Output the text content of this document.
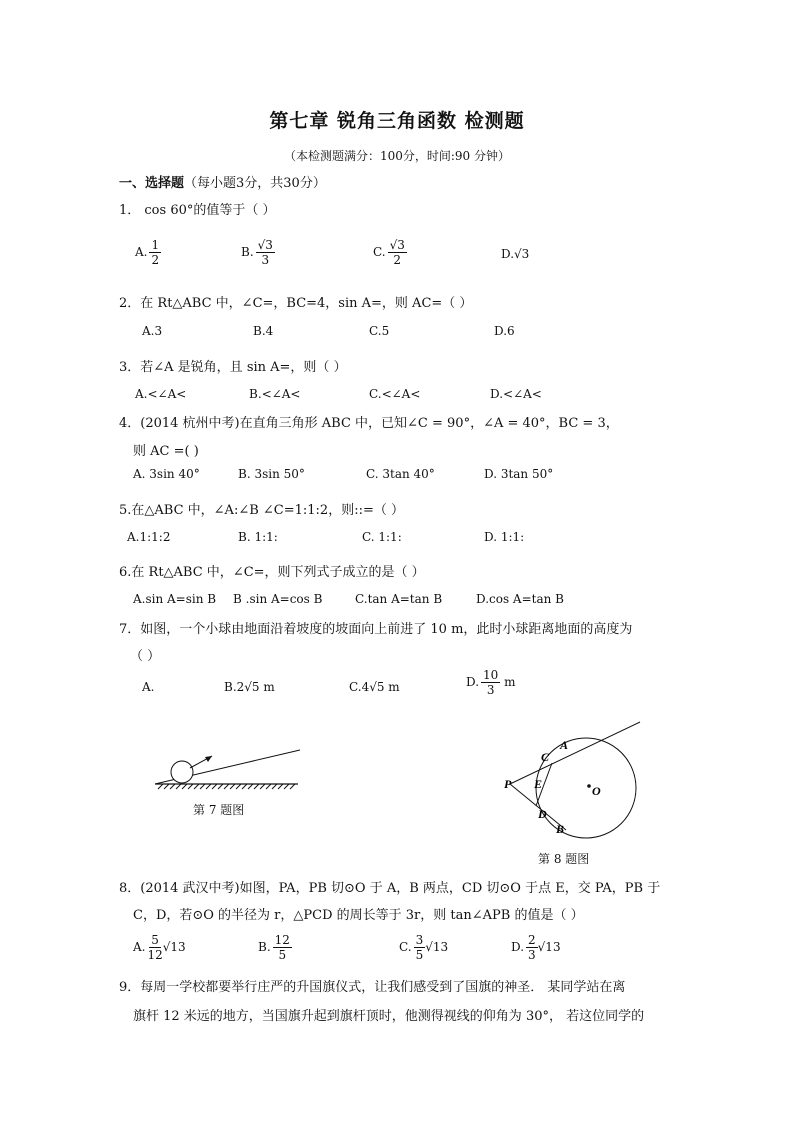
第七章 锐角三角函数 检测题
（本检测题满分：100分，时间:90 分钟）
一、选择题（每小题3分，共30分）
1． cos 60°的值等于（ ）
A. $\frac{1}{2}$	B. $\frac{√3}{3}$	C. $\frac{√3}{2}$	D.√3
2．在 Rt△ABC 中，∠C=，BC=4，sin A=，则 AC=（ ）
A.3	B.4	C.5	D.6
3．若∠A 是锐角，且 sin A=，则（ ）
A.<∠A<	B.<∠A<	C.<∠A<	D.<∠A<
4．(2014 杭州中考)在直角三角形 ABC 中，已知∠C = 90°，∠A = 40°，BC = 3，
则 AC =( )
A. 3sin 40°	B. 3sin 50°	C. 3tan 40°	D. 3tan 50°
5.在△ABC 中，∠A:∠B ∠C=1:1:2，则::=（ ）
A.1:1:2	B. 1:1:	C. 1:1:	D. 1:1:
6.在 Rt△ABC 中，∠C=，则下列式子成立的是（ ）
A.sin A=sin B B .sin A=cos B	C.tan A=tan B	D.cos A=tan B
7．如图，一个小球由地面沿着坡度的坡面向上前进了 10 m，此时小球距离地面的高度为
（ ）
A.	B.2√5 m	C.4√5 m	D. $\frac{10}{3}$ m
第 7 题图
P
A
C
E
D
B
O
第 8 题图
8．(2014 武汉中考)如图，PA，PB 切⊙O 于 A，B 两点，CD 切⊙O 于点 E，交 PA，PB 于
C，D，若⊙O 的半径为 r，△PCD 的周长等于 3r，则 tan∠APB 的值是（ ）
A. $\frac{5}{12} √13$	B. $\frac{12}{5}$	C. $\frac{3}{5} √13$	D. $\frac{2}{3} √13$
9．每周一学校都要举行庄严的升国旗仪式，让我们感受到了国旗的神圣． 某同学站在离
旗杆 12 米远的地方，当国旗升起到旗杆顶时，他测得视线的仰角为 30°， 若这位同学的
